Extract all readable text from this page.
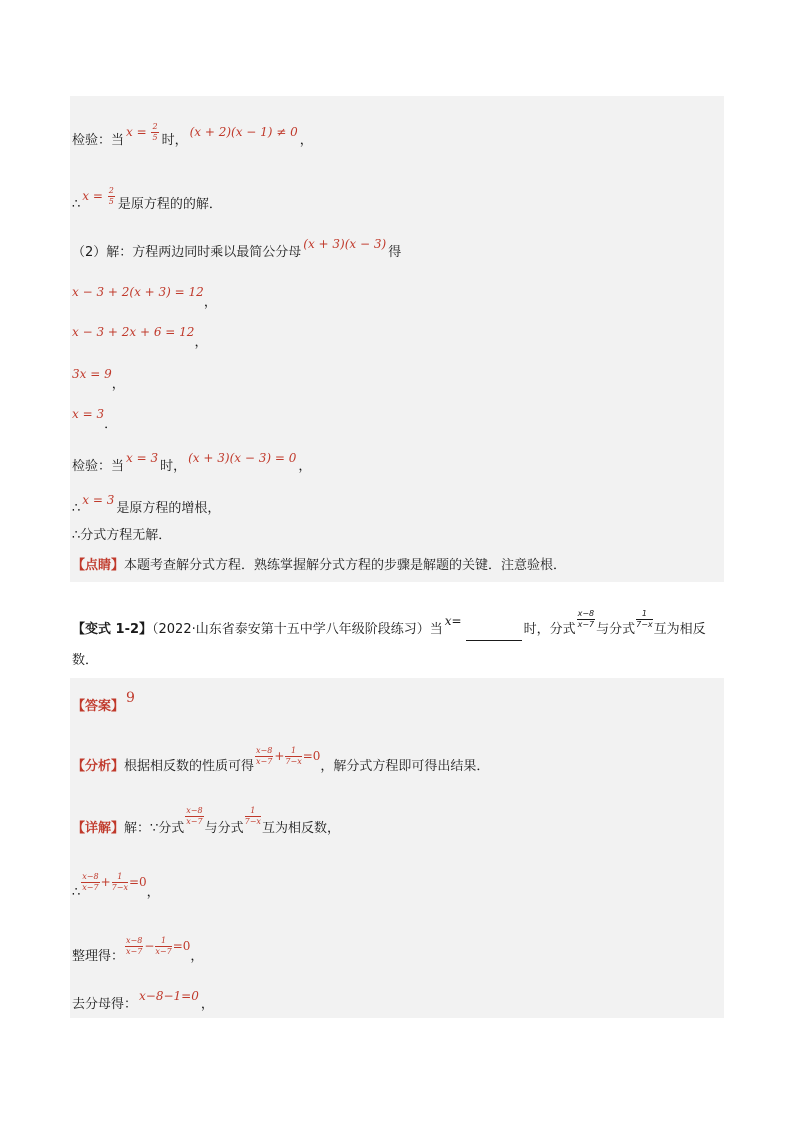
检验：当$x = \frac{2}{5}$ 时，(x + 2)(x − 1) ≠ 0，
∴x = $\frac{2}{5}$ 是原方程的的解．
（2）解：方程两边同时乘以最简公分母(x + 3)(x − 3)得
x − 3 + 2(x + 3) = 12，
x − 3 + 2x + 6 = 12，
3x = 9，
x = 3．
检验：当x = 3时，(x + 3)(x − 3) = 0，
∴x = 3是原方程的增根，
∴分式方程无解．
【点睛】本题考查解分式方程．熟练掌握解分式方程的步骤是解题的关键．注意验根．
【变式 1-2】（2022·山东省泰安第十五中学八年级阶段练习）当x=时，分式 $\frac{x-8}{x-7}$ 与分式 $\frac{1}{7-x}$ 互为相反
数．
【答案】9
【分析】根据相反数的性质可得 $\frac{x-8}{x-7} + \frac{1}{7-x} =0$，解分式方程即可得出结果．
【详解】解：∵分式
$\frac{x-8}{x-7}$
与分式
$\frac{1}{7-x}$
互为相反数，
∴ $\frac{x-8}{x-7} + \frac{1}{7-x} =0$，
整理得： $\frac{x-8}{x-7} - \frac{1}{x-7} =0$，
去分母得：x−8−1=0，
